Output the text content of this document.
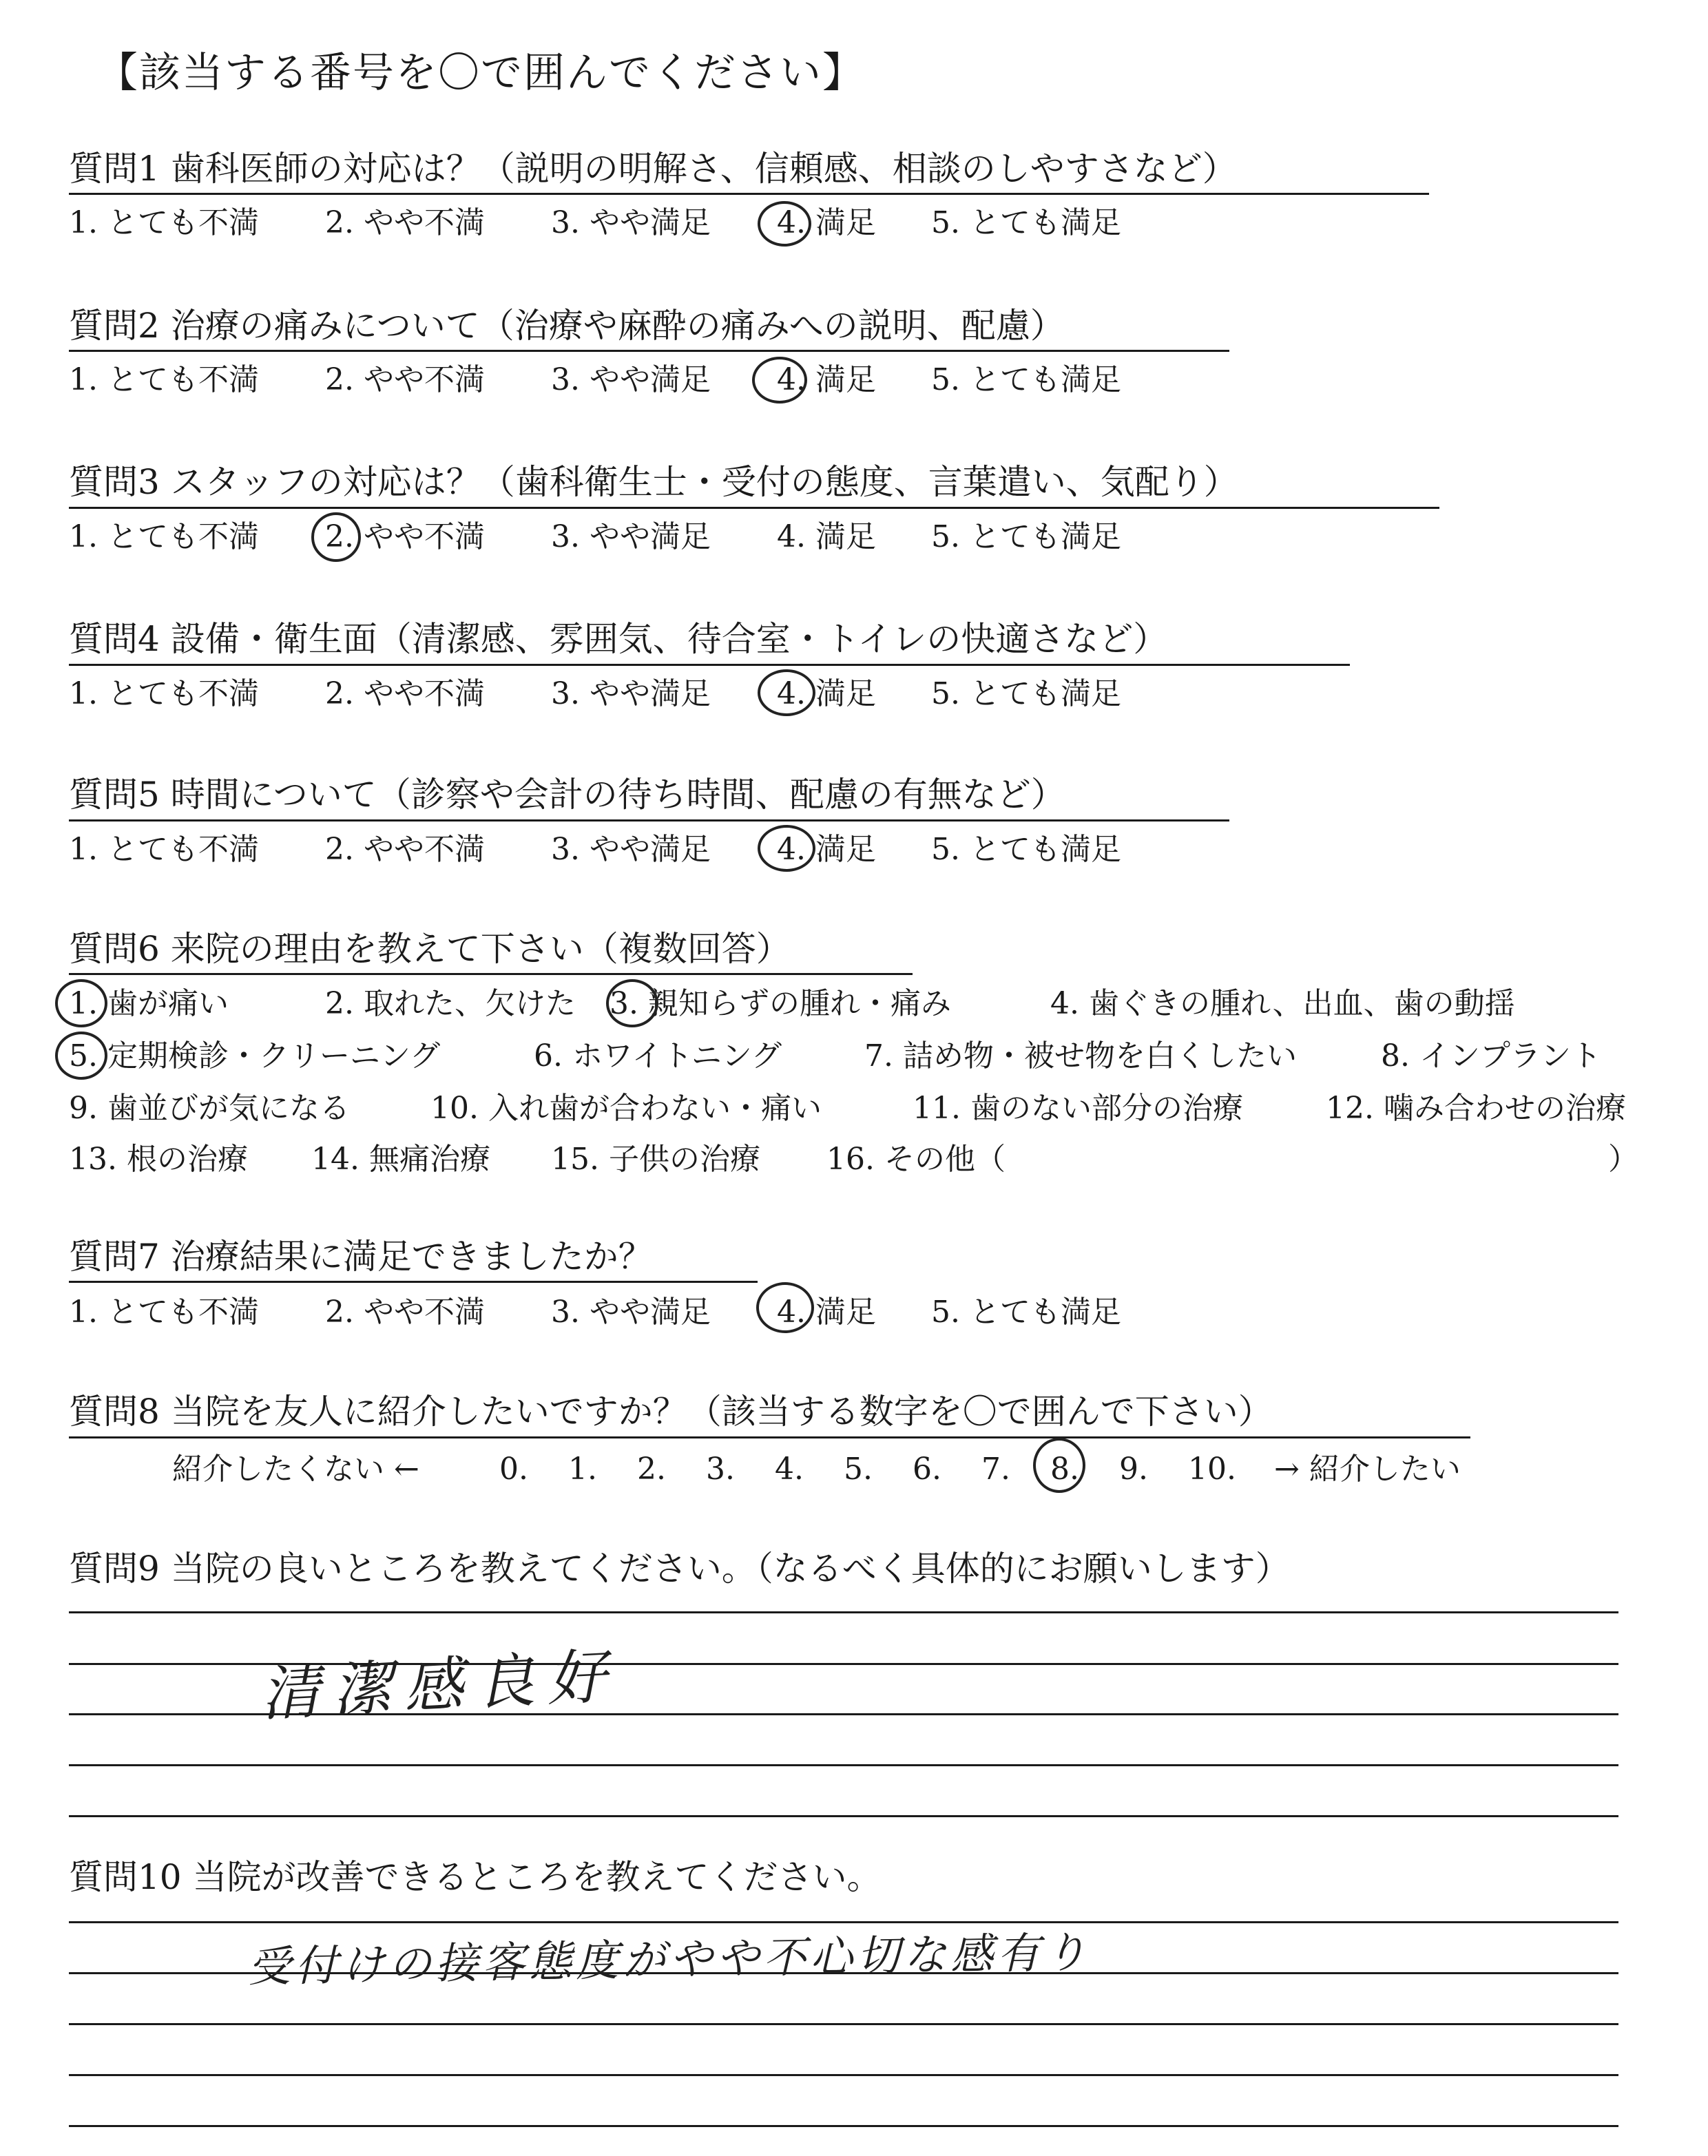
【該当する番号を〇で囲んでください】
質問1 歯科医師の対応は？（説明の明解さ、信頼感、相談のしやすさなど）
1. とても不満 2. やや不満 3. やや満足 4. 満足 5. とても満足
質問2 治療の痛みについて（治療や麻酔の痛みへの説明、配慮）
1. とても不満 2. やや不満 3. やや満足 4. 満足 5. とても満足
質問3 スタッフの対応は？（歯科衛生士・受付の態度、言葉遣い、気配り）
1. とても不満 2. やや不満 3. やや満足 4. 満足 5. とても満足
質問4 設備・衛生面（清潔感、雰囲気、待合室・トイレの快適さなど）
1. とても不満 2. やや不満 3. やや満足 4. 満足 5. とても満足
質問5 時間について（診察や会計の待ち時間、配慮の有無など）
1. とても不満 2. やや不満 3. やや満足 4. 満足 5. とても満足
質問6 来院の理由を教えて下さい（複数回答）
1. 歯が痛い	2. 取れた、欠けた 3. 親知らずの腫れ・痛み	4. 歯ぐきの腫れ、出血、歯の動揺
5. 定期検診・クリーニング	6. ホワイトニング	7. 詰め物・被せ物を白くしたい	8. インプラント
9. 歯並びが気になる	10. 入れ歯が合わない・痛い	11. 歯のない部分の治療	12. 噛み合わせの治療
13. 根の治療 14. 無痛治療 15. 子供の治療 16. その他（	）
質問7 治療結果に満足できましたか？
1. とても不満 2. やや不満 3. やや満足 4. 満足 5. とても満足
質問8 当院を友人に紹介したいですか？（該当する数字を〇で囲んで下さい）
紹介したくない ←	0. 1. 2. 3. 4. 5. 6. 7. 8. 9. 10. → 紹介したい
質問9 当院の良いところを教えてください。（なるべく具体的にお願いします）
清潔感良好
質問10 当院が改善できるところを教えてください。
受付けの接客態度がやや不心切な感有り
